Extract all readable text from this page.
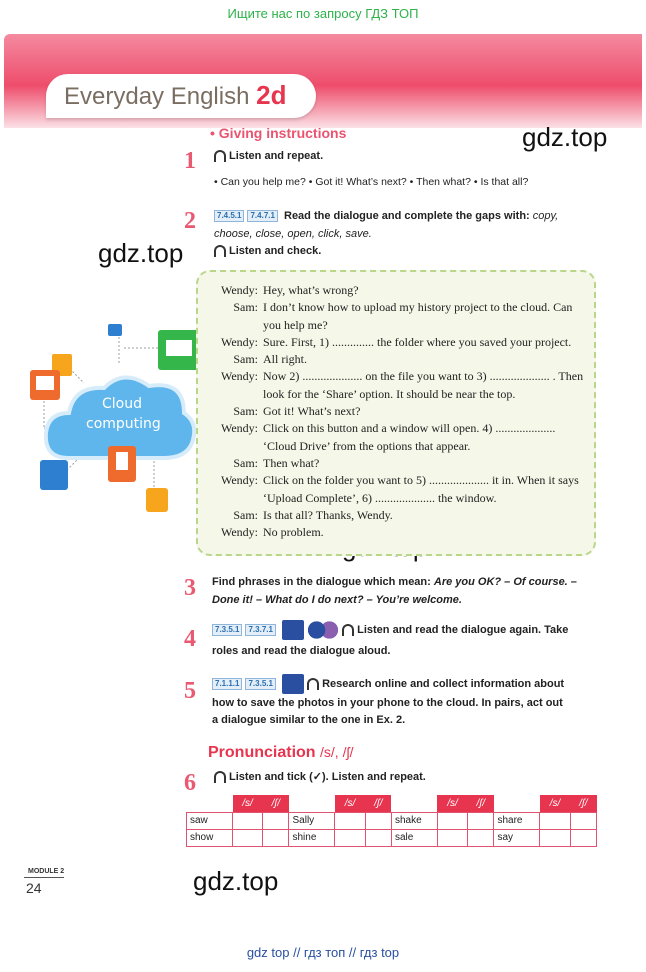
Ищите нас по запросу ГДЗ ТОП
Everyday English 2d
• Giving instructions	gdz.top
gdz.top
gdz.top
1	Listen and repeat.
• Can you help me? • Got it! What’s next? • Then what? • Is that all?
2	7.4.5.1 7.4.7.1 Read the dialogue and complete the gaps with: copy,
choose, close, open, click, save.
Listen and check.
Cloud
computing
Wendy: Hey, what’s wrong?
Sam: I don’t know how to upload my history project to the cloud. Can you help me?
Wendy: Sure. First, 1) .............. the folder where you saved your project.
Sam: All right.
Wendy: Now 2) .................... on the file you want to 3) .................... . Then look for the ‘Share’ option. It should be near the top.
Sam: Got it! What’s next?
Wendy: Click on this button and a window will open. 4) .................... ‘Cloud Drive’ from the options that appear.
Sam: Then what?
Wendy: Click on the folder you want to 5) .................... it in. When it says ‘Upload Complete’, 6) .................... the window.
Sam: Is that all? Thanks, Wendy.
Wendy: No problem.
3 Find phrases in the dialogue which mean: Are you OK? – Of course. –
Done it! – What do I do next? – You’re welcome.
4	7.3.5.1 7.3.7.1	Listen and read the dialogue again. Take
roles and read the dialogue aloud.
5	7.1.1.1 7.3.5.1	Research online and collect information about
how to save the photos in your phone to the cloud. In pairs, act out
a dialogue similar to the one in Ex. 2.
Pronunciation /s/, /ʃ/
6	Listen and tick (✓). Listen and repeat.
	/s/	/ʃ/		/s/	/ʃ/		/s/	/ʃ/		/s/	/ʃ/
saw			Sally			shake			share		
show			shine			sale			say		
MODULE 2
24
gdz top // гдз топ // гдз top
